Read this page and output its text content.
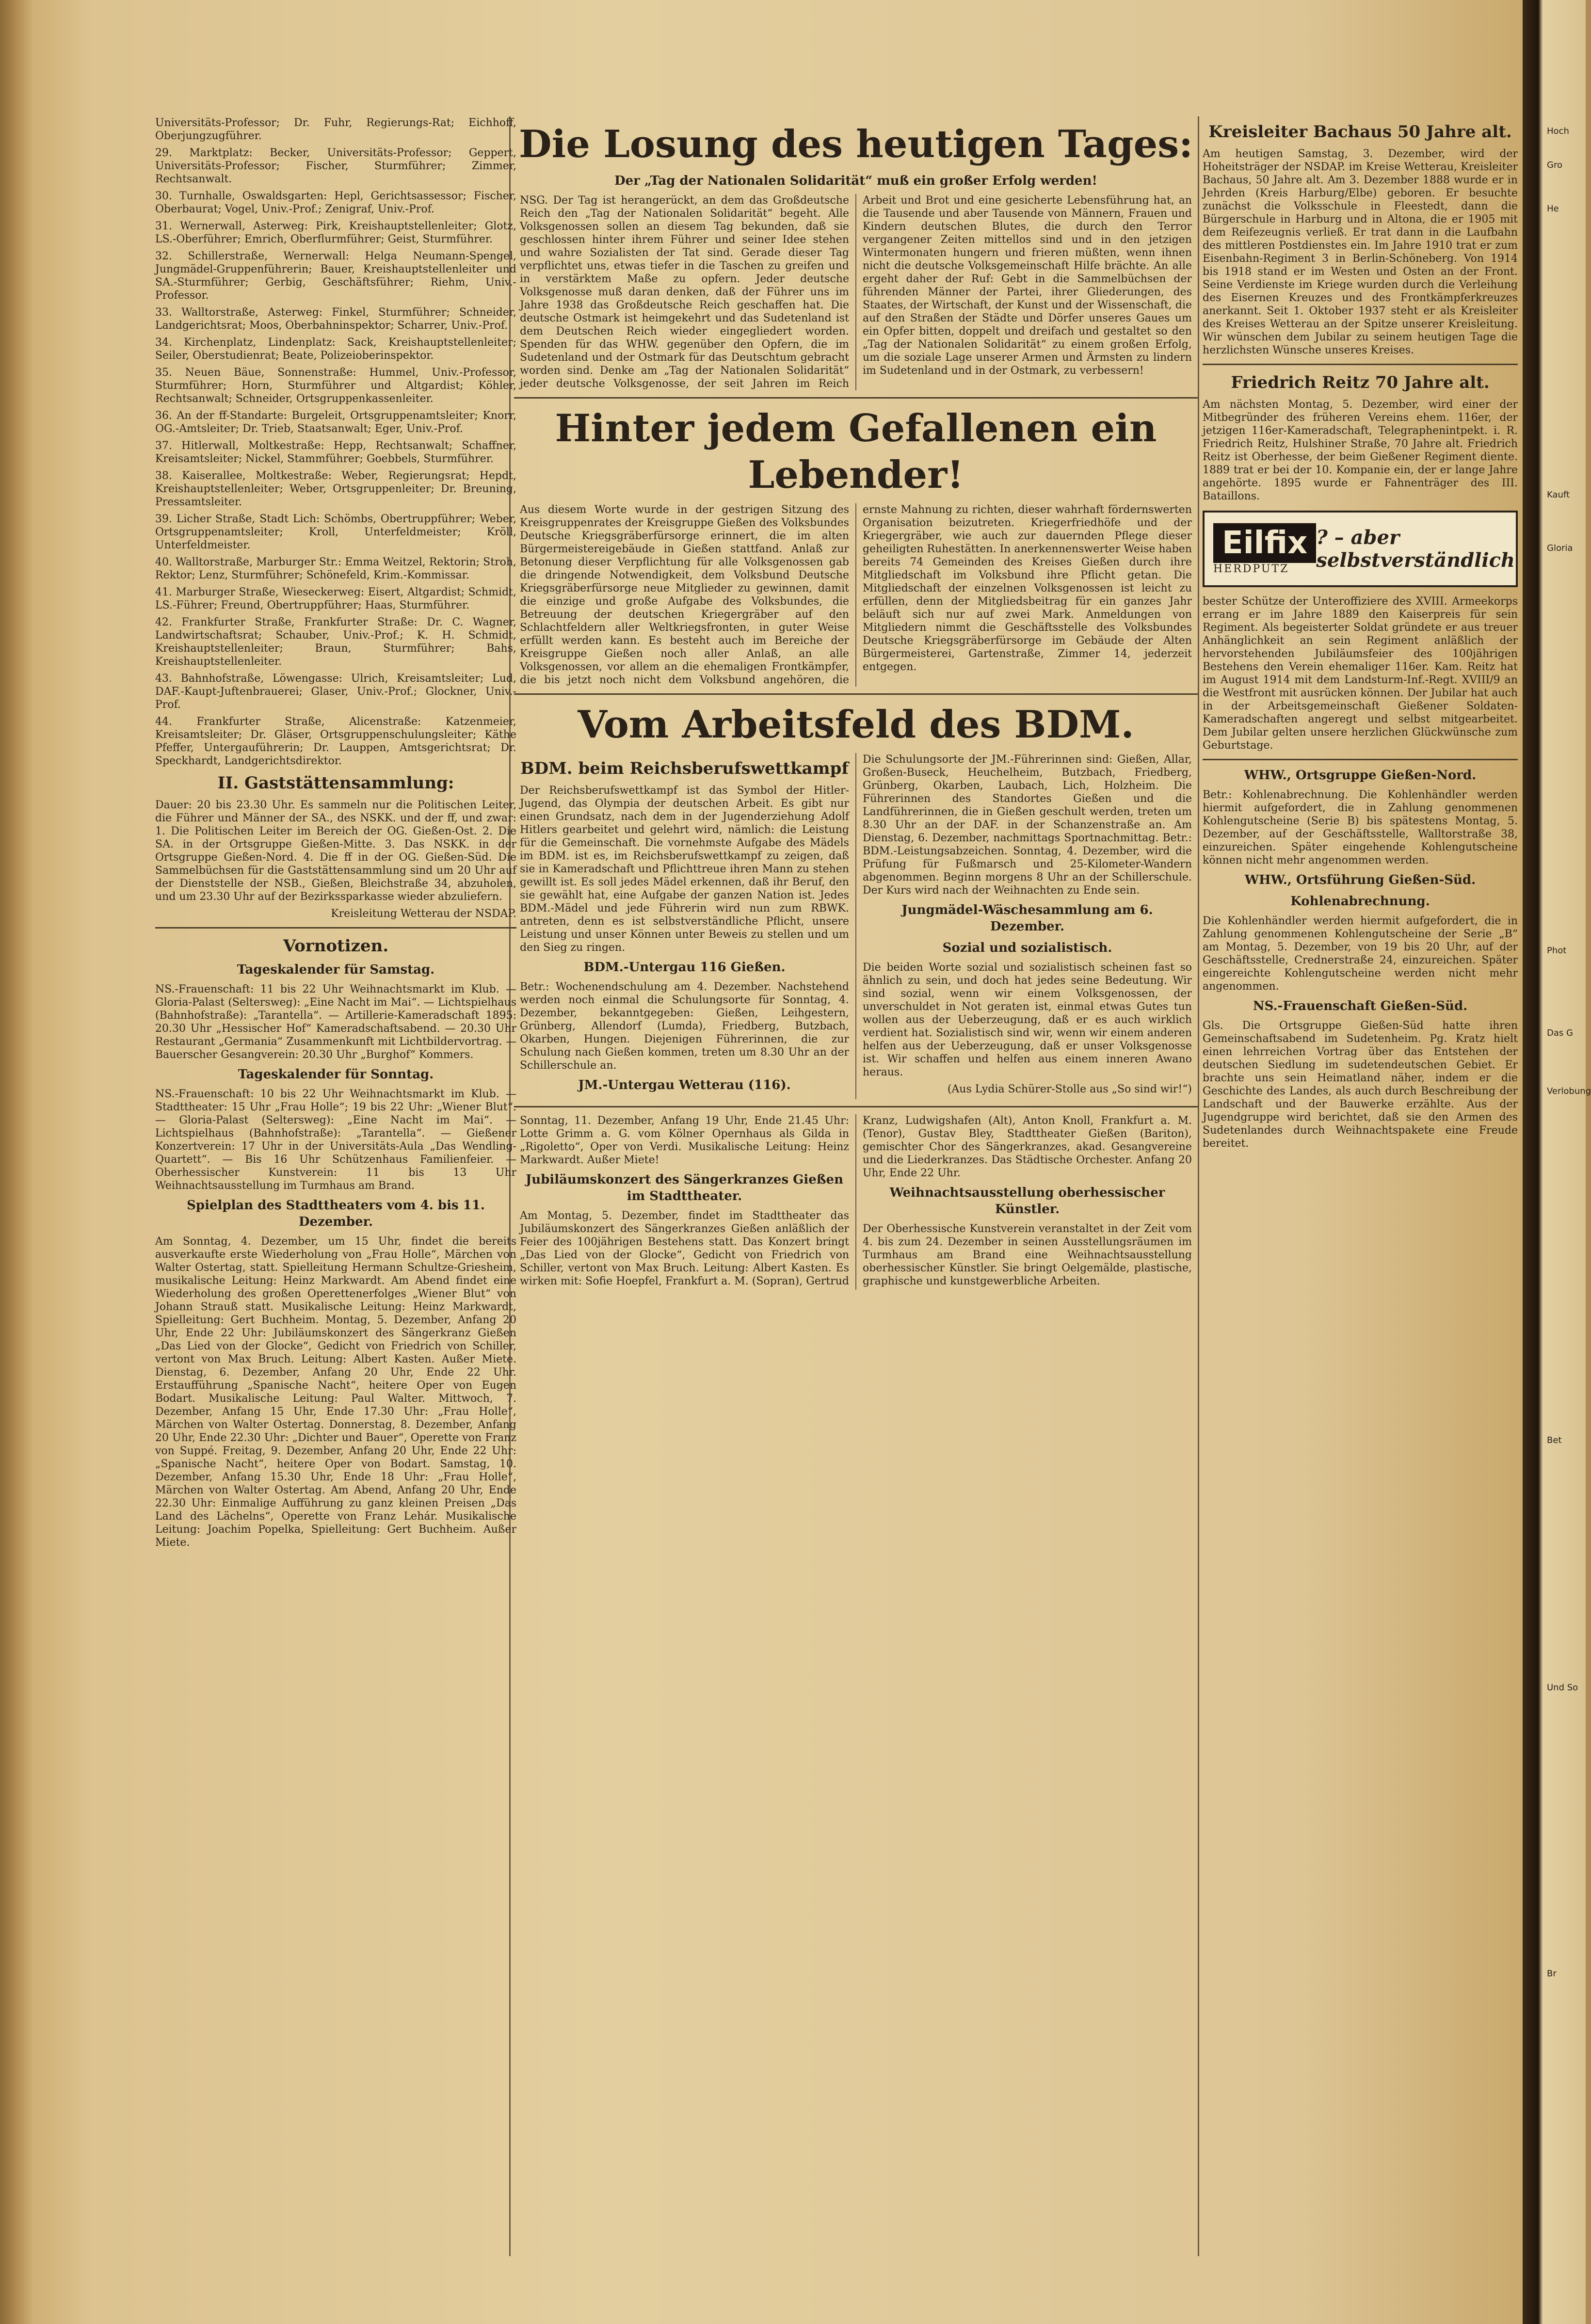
Universitäts-Professor; Dr. Fuhr, Regierungs-Rat; Eichhoff, Oberjungzugführer.

29. Marktplatz: Becker, Universitäts-Professor; Geppert, Universitäts-Professor; Fischer, Sturmführer; Zimmer, Rechtsanwalt.

30. Turnhalle, Oswaldsgarten: Hepl, Gerichtsassessor; Fischer, Oberbaurat; Vogel, Univ.-Prof.; Zenigraf, Univ.-Prof.

31. Wernerwall, Asterweg: Pirk, Kreishauptstellenleiter; Glotz, LS.-Oberführer; Emrich, Oberflurmführer; Geist, Sturmführer.

32. Schillerstraße, Wernerwall: Helga Neumann-Spengel, Jungmädel-Gruppenführerin; Bauer, Kreishauptstellenleiter und SA.-Sturmführer; Gerbig, Geschäftsführer; Riehm, Univ.-Professor.

33. Walltorstraße, Asterweg: Finkel, Sturmführer; Schneider, Landgerichtsrat; Moos, Oberbahninspektor; Scharrer, Univ.-Prof.

34. Kirchenplatz, Lindenplatz: Sack, Kreishauptstellenleiter; Seiler, Oberstudienrat; Beate, Polizeioberinspektor.

35. Neuen Bäue, Sonnenstraße: Hummel, Univ.-Professor, Sturmführer; Horn, Sturmführer und Altgardist; Köhler, Rechtsanwalt; Schneider, Ortsgruppenkassenleiter.

36. An der ff-Standarte: Burgeleit, Ortsgruppenamtsleiter; Knorr, OG.-Amtsleiter; Dr. Trieb, Staatsanwalt; Eger, Univ.-Prof.

37. Hitlerwall, Moltkestraße: Hepp, Rechtsanwalt; Schaffner, Kreisamtsleiter; Nickel, Stammführer; Goebbels, Sturmführer.

38. Kaiserallee, Moltkestraße: Weber, Regierungsrat; Hepdt, Kreishauptstellenleiter; Weber, Ortsgruppenleiter; Dr. Breuning, Pressamtsleiter.

39. Licher Straße, Stadt Lich: Schömbs, Obertruppführer; Weber, Ortsgruppenamtsleiter; Kroll, Unterfeldmeister; Kröll, Unterfeldmeister.

40. Walltorstraße, Marburger Str.: Emma Weitzel, Rektorin; Stroh, Rektor; Lenz, Sturmführer; Schönefeld, Krim.-Kommissar.

41. Marburger Straße, Wieseckerweg: Eisert, Altgardist; Schmidt, LS.-Führer; Freund, Obertruppführer; Haas, Sturmführer.

42. Frankfurter Straße, Frankfurter Straße: Dr. C. Wagner, Landwirtschaftsrat; Schauber, Univ.-Prof.; K. H. Schmidt, Kreishauptstellenleiter; Braun, Sturmführer; Bahs, Kreishauptstellenleiter.

43. Bahnhofstraße, Löwengasse: Ulrich, Kreisamtsleiter; Lud, DAF.-Kaupt-Juftenbrauerei; Glaser, Univ.-Prof.; Glockner, Univ.-Prof.

44. Frankfurter Straße, Alicenstraße: Katzenmeier, Kreisamtsleiter; Dr. Gläser, Ortsgruppenschulungsleiter; Käthe Pfeffer, Untergauführerin; Dr. Lauppen, Amtsgerichtsrat; Dr. Speckhardt, Landgerichtsdirektor.

II. Gaststättensammlung:

Dauer: 20 bis 23.30 Uhr. Es sammeln nur die Politischen Leiter, die Führer und Männer der SA., des NSKK. und der ff, und zwar: 1. Die Politischen Leiter im Bereich der OG. Gießen-Ost. 2. Die SA. in der Ortsgruppe Gießen-Mitte. 3. Das NSKK. in der Ortsgruppe Gießen-Nord. 4. Die ff in der OG. Gießen-Süd. Die Sammelbüchsen für die Gaststättensammlung sind um 20 Uhr auf der Dienststelle der NSB., Gießen, Bleichstraße 34, abzuholen, und um 23.30 Uhr auf der Bezirkssparkasse wieder abzuliefern.

Kreisleitung Wetterau der NSDAP.

Vornotizen.
Tageskalender für Samstag.

NS.-Frauenschaft: 11 bis 22 Uhr Weihnachtsmarkt im Klub. — Gloria-Palast (Seltersweg): „Eine Nacht im Mai“. — Lichtspielhaus (Bahnhofstraße): „Tarantella“. — Artillerie-Kameradschaft 1895: 20.30 Uhr „Hessischer Hof“ Kameradschaftsabend. — 20.30 Uhr Restaurant „Germania“ Zusammenkunft mit Lichtbildervortrag. — Bauerscher Gesangverein: 20.30 Uhr „Burghof“ Kommers.

Tageskalender für Sonntag.

NS.-Frauenschaft: 10 bis 22 Uhr Weihnachtsmarkt im Klub. — Stadttheater: 15 Uhr „Frau Holle“; 19 bis 22 Uhr: „Wiener Blut“. — Gloria-Palast (Seltersweg): „Eine Nacht im Mai“. — Lichtspielhaus (Bahnhofstraße): „Tarantella“. — Gießener Konzertverein: 17 Uhr in der Universitäts-Aula „Das Wendling-Quartett“. — Bis 16 Uhr Schützenhaus Familienfeier. — Oberhessischer Kunstverein: 11 bis 13 Uhr Weihnachtsausstellung im Turmhaus am Brand.

Spielplan des Stadttheaters vom 4. bis 11. Dezember.

Am Sonntag, 4. Dezember, um 15 Uhr, findet die bereits ausverkaufte erste Wiederholung von „Frau Holle“, Märchen von Walter Ostertag, statt. Spielleitung Hermann Schultze-Griesheim, musikalische Leitung: Heinz Markwardt. Am Abend findet eine Wiederholung des großen Operettenerfolges „Wiener Blut“ von Johann Strauß statt. Musikalische Leitung: Heinz Markwardt, Spielleitung: Gert Buchheim. Montag, 5. Dezember, Anfang 20 Uhr, Ende 22 Uhr: Jubiläumskonzert des Sängerkranz Gießen „Das Lied von der Glocke“, Gedicht von Friedrich von Schiller, vertont von Max Bruch. Leitung: Albert Kasten. Außer Miete. Dienstag, 6. Dezember, Anfang 20 Uhr, Ende 22 Uhr. Erstaufführung „Spanische Nacht“, heitere Oper von Eugen Bodart. Musikalische Leitung: Paul Walter. Mittwoch, 7. Dezember, Anfang 15 Uhr, Ende 17.30 Uhr: „Frau Holle“, Märchen von Walter Ostertag. Donnerstag, 8. Dezember, Anfang 20 Uhr, Ende 22.30 Uhr: „Dichter und Bauer“, Operette von Franz von Suppé. Freitag, 9. Dezember, Anfang 20 Uhr, Ende 22 Uhr: „Spanische Nacht“, heitere Oper von Bodart. Samstag, 10. Dezember, Anfang 15.30 Uhr, Ende 18 Uhr: „Frau Holle“, Märchen von Walter Ostertag. Am Abend, Anfang 20 Uhr, Ende 22.30 Uhr: Einmalige Aufführung zu ganz kleinen Preisen „Das Land des Lächelns“, Operette von Franz Lehár. Musikalische Leitung: Joachim Popelka, Spielleitung: Gert Buchheim. Außer Miete.

Die Losung des heutigen Tages:
Der „Tag der Nationalen Solidarität“ muß ein großer Erfolg werden!

NSG. Der Tag ist herangerückt, an dem das Großdeutsche Reich den „Tag der Nationalen Solidarität“ begeht. Alle Volksgenossen sollen an diesem Tag bekunden, daß sie geschlossen hinter ihrem Führer und seiner Idee stehen und wahre Sozialisten der Tat sind. Gerade dieser Tag verpflichtet uns, etwas tiefer in die Taschen zu greifen und in verstärktem Maße zu opfern. Jeder deutsche Volksgenosse muß daran denken, daß der Führer uns im Jahre 1938 das Großdeutsche Reich geschaffen hat. Die deutsche Ostmark ist heimgekehrt und das Sudetenland ist dem Deutschen Reich wieder eingegliedert worden. Spenden für das WHW. gegenüber den Opfern, die im Sudetenland und der Ostmark für das Deutschtum gebracht worden sind. Denke am „Tag der Nationalen Solidarität“ jeder deutsche Volksgenosse, der seit Jahren im Reich Arbeit und Brot und eine gesicherte Lebensführung hat, an die Tausende und aber Tausende von Männern, Frauen und Kindern deutschen Blutes, die durch den Terror vergangener Zeiten mittellos sind und in den jetzigen Wintermonaten hungern und frieren müßten, wenn ihnen nicht die deutsche Volksgemeinschaft Hilfe brächte. An alle ergeht daher der Ruf: Gebt in die Sammelbüchsen der führenden Männer der Partei, ihrer Gliederungen, des Staates, der Wirtschaft, der Kunst und der Wissenschaft, die auf den Straßen der Städte und Dörfer unseres Gaues um ein Opfer bitten, doppelt und dreifach und gestaltet so den „Tag der Nationalen Solidarität“ zu einem großen Erfolg, um die soziale Lage unserer Armen und Ärmsten zu lindern im Sudetenland und in der Ostmark, zu verbessern!

Hinter jedem Gefallenen ein Lebender!

Aus diesem Worte wurde in der gestrigen Sitzung des Kreisgruppenrates der Kreisgruppe Gießen des Volksbundes Deutsche Kriegsgräberfürsorge erinnert, die im alten Bürgermeistereigebäude in Gießen stattfand. Anlaß zur Betonung dieser Verpflichtung für alle Volksgenossen gab die dringende Notwendigkeit, dem Volksbund Deutsche Kriegsgräberfürsorge neue Mitglieder zu gewinnen, damit die einzige und große Aufgabe des Volksbundes, die Betreuung der deutschen Kriegergräber auf den Schlachtfeldern aller Weltkriegsfronten, in guter Weise erfüllt werden kann. Es besteht auch im Bereiche der Kreisgruppe Gießen noch aller Anlaß, an alle Volksgenossen, vor allem an die ehemaligen Frontkämpfer, die bis jetzt noch nicht dem Volksbund angehören, die ernste Mahnung zu richten, dieser wahrhaft fördernswerten Organisation beizutreten. Kriegerfriedhöfe und der Kriegergräber, wie auch zur dauernden Pflege dieser geheiligten Ruhestätten. In anerkennenswerter Weise haben bereits 74 Gemeinden des Kreises Gießen durch ihre Mitgliedschaft im Volksbund ihre Pflicht getan. Die Mitgliedschaft der einzelnen Volksgenossen ist leicht zu erfüllen, denn der Mitgliedsbeitrag für ein ganzes Jahr beläuft sich nur auf zwei Mark. Anmeldungen von Mitgliedern nimmt die Geschäftsstelle des Volksbundes Deutsche Kriegsgräberfürsorge im Gebäude der Alten Bürgermeisterei, Gartenstraße, Zimmer 14, jederzeit entgegen.

Vom Arbeitsfeld des BDM.
BDM. beim Reichsberufswettkampf

Der Reichsberufswettkampf ist das Symbol der Hitler-Jugend, das Olympia der deutschen Arbeit. Es gibt nur einen Grundsatz, nach dem in der Jugenderziehung Adolf Hitlers gearbeitet und gelehrt wird, nämlich: die Leistung für die Gemeinschaft. Die vornehmste Aufgabe des Mädels im BDM. ist es, im Reichsberufswettkampf zu zeigen, daß sie in Kameradschaft und Pflichttreue ihren Mann zu stehen gewillt ist. Es soll jedes Mädel erkennen, daß ihr Beruf, den sie gewählt hat, eine Aufgabe der ganzen Nation ist. Jedes BDM.-Mädel und jede Führerin wird nun zum RBWK. antreten, denn es ist selbstverständliche Pflicht, unsere Leistung und unser Können unter Beweis zu stellen und um den Sieg zu ringen.

BDM.-Untergau 116 Gießen.

Betr.: Wochenendschulung am 4. Dezember. Nachstehend werden noch einmal die Schulungsorte für Sonntag, 4. Dezember, bekanntgegeben: Gießen, Leihgestern, Grünberg, Allendorf (Lumda), Friedberg, Butzbach, Okarben, Hungen. Diejenigen Führerinnen, die zur Schulung nach Gießen kommen, treten um 8.30 Uhr an der Schillerschule an.

JM.-Untergau Wetterau (116).

Die Schulungsorte der JM.-Führerinnen sind: Gießen, Allar, Großen-Buseck, Heuchelheim, Butzbach, Friedberg, Grünberg, Okarben, Laubach, Lich, Holzheim. Die Führerinnen des Standortes Gießen und die Landführerinnen, die in Gießen geschult werden, treten um 8.30 Uhr an der DAF. in der Schanzenstraße an. Am Dienstag, 6. Dezember, nachmittags Sportnachmittag. Betr.: BDM.-Leistungsabzeichen. Sonntag, 4. Dezember, wird die Prüfung für Fußmarsch und 25-Kilometer-Wandern abgenommen. Beginn morgens 8 Uhr an der Schillerschule. Der Kurs wird nach der Weihnachten zu Ende sein.

Jungmädel-Wäschesammlung am 6. Dezember.
Sozial und sozialistisch.

Die beiden Worte sozial und sozialistisch scheinen fast so ähnlich zu sein, und doch hat jedes seine Bedeutung. Wir sind sozial, wenn wir einem Volksgenossen, der unverschuldet in Not geraten ist, einmal etwas Gutes tun wollen aus der Ueberzeugung, daß er es auch wirklich verdient hat. Sozialistisch sind wir, wenn wir einem anderen helfen aus der Ueberzeugung, daß er unser Volksgenosse ist. Wir schaffen und helfen aus einem inneren Awano heraus.

(Aus Lydia Schürer-Stolle aus „So sind wir!“)

Sonntag, 11. Dezember, Anfang 19 Uhr, Ende 21.45 Uhr: Lotte Grimm a. G. vom Kölner Opernhaus als Gilda in „Rigoletto“, Oper von Verdi. Musikalische Leitung: Heinz Markwardt. Außer Miete!

Jubiläumskonzert des Sängerkranzes Gießen im Stadttheater.

Am Montag, 5. Dezember, findet im Stadttheater das Jubiläumskonzert des Sängerkranzes Gießen anläßlich der Feier des 100jährigen Bestehens statt. Das Konzert bringt „Das Lied von der Glocke“, Gedicht von Friedrich von Schiller, vertont von Max Bruch. Leitung: Albert Kasten. Es wirken mit: Sofie Hoepfel, Frankfurt a. M. (Sopran), Gertrud Kranz, Ludwigshafen (Alt), Anton Knoll, Frankfurt a. M. (Tenor), Gustav Bley, Stadttheater Gießen (Bariton), gemischter Chor des Sängerkranzes, akad. Gesangvereine und die Liederkranzes. Das Städtische Orchester. Anfang 20 Uhr, Ende 22 Uhr.

Weihnachtsausstellung oberhessischer Künstler.

Der Oberhessische Kunstverein veranstaltet in der Zeit vom 4. bis zum 24. Dezember in seinen Ausstellungsräumen im Turmhaus am Brand eine Weihnachtsausstellung oberhessischer Künstler. Sie bringt Oelgemälde, plastische, graphische und kunstgewerbliche Arbeiten.

Kreisleiter Bachaus 50 Jahre alt.

Am heutigen Samstag, 3. Dezember, wird der Hoheitsträger der NSDAP. im Kreise Wetterau, Kreisleiter Bachaus, 50 Jahre alt. Am 3. Dezember 1888 wurde er in Jehrden (Kreis Harburg/Elbe) geboren. Er besuchte zunächst die Volksschule in Fleestedt, dann die Bürgerschule in Harburg und in Altona, die er 1905 mit dem Reifezeugnis verließ. Er trat dann in die Laufbahn des mittleren Postdienstes ein. Im Jahre 1910 trat er zum Eisenbahn-Regiment 3 in Berlin-Schöneberg. Von 1914 bis 1918 stand er im Westen und Osten an der Front. Seine Verdienste im Kriege wurden durch die Verleihung des Eisernen Kreuzes und des Frontkämpferkreuzes anerkannt. Seit 1. Oktober 1937 steht er als Kreisleiter des Kreises Wetterau an der Spitze unserer Kreisleitung. Wir wünschen dem Jubilar zu seinem heutigen Tage die herzlichsten Wünsche unseres Kreises.

Friedrich Reitz 70 Jahre alt.

Am nächsten Montag, 5. Dezember, wird einer der Mitbegründer des früheren Vereins ehem. 116er, der jetzigen 116er-Kameradschaft, Telegraphenintpekt. i. R. Friedrich Reitz, Hulshiner Straße, 70 Jahre alt. Friedrich Reitz ist Oberhesse, der beim Gießener Regiment diente. 1889 trat er bei der 10. Kompanie ein, der er lange Jahre angehörte. 1895 wurde er Fahnenträger des III. Bataillons.

Eilfix
HERDPUTZ
? – aber selbstverständlich

bester Schütze der Unteroffiziere des XVIII. Armeekorps errang er im Jahre 1889 den Kaiserpreis für sein Regiment. Als begeisterter Soldat gründete er aus treuer Anhänglichkeit an sein Regiment anläßlich der hervorstehenden Jubiläumsfeier des 100jährigen Bestehens den Verein ehemaliger 116er. Kam. Reitz hat im August 1914 mit dem Landsturm-Inf.-Regt. XVIII/9 an die Westfront mit ausrücken können. Der Jubilar hat auch in der Arbeitsgemeinschaft Gießener Soldaten-Kameradschaften angeregt und selbst mitgearbeitet. Dem Jubilar gelten unsere herzlichen Glückwünsche zum Geburtstage.

WHW., Ortsgruppe Gießen-Nord.

Betr.: Kohlenabrechnung. Die Kohlenhändler werden hiermit aufgefordert, die in Zahlung genommenen Kohlengutscheine (Serie B) bis spätestens Montag, 5. Dezember, auf der Geschäftsstelle, Walltorstraße 38, einzureichen. Später eingehende Kohlengutscheine können nicht mehr angenommen werden.

WHW., Ortsführung Gießen-Süd.
Kohlenabrechnung.

Die Kohlenhändler werden hiermit aufgefordert, die in Zahlung genommenen Kohlengutscheine der Serie „B“ am Montag, 5. Dezember, von 19 bis 20 Uhr, auf der Geschäftsstelle, Crednerstraße 24, einzureichen. Später eingereichte Kohlengutscheine werden nicht mehr angenommen.

NS.-Frauenschaft Gießen-Süd.

Gls. Die Ortsgruppe Gießen-Süd hatte ihren Gemeinschaftsabend im Sudetenheim. Pg. Kratz hielt einen lehrreichen Vortrag über das Entstehen der deutschen Siedlung im sudetendeutschen Gebiet. Er brachte uns sein Heimatland näher, indem er die Geschichte des Landes, als auch durch Beschreibung der Landschaft und der Bauwerke erzählte. Aus der Jugendgruppe wird berichtet, daß sie den Armen des Sudetenlandes durch Weihnachtspakete eine Freude bereitet.

Hoch
Gro
He
Kauft
Gloria
Phot
Das G
Verlobung
Bet
Und So
Br
